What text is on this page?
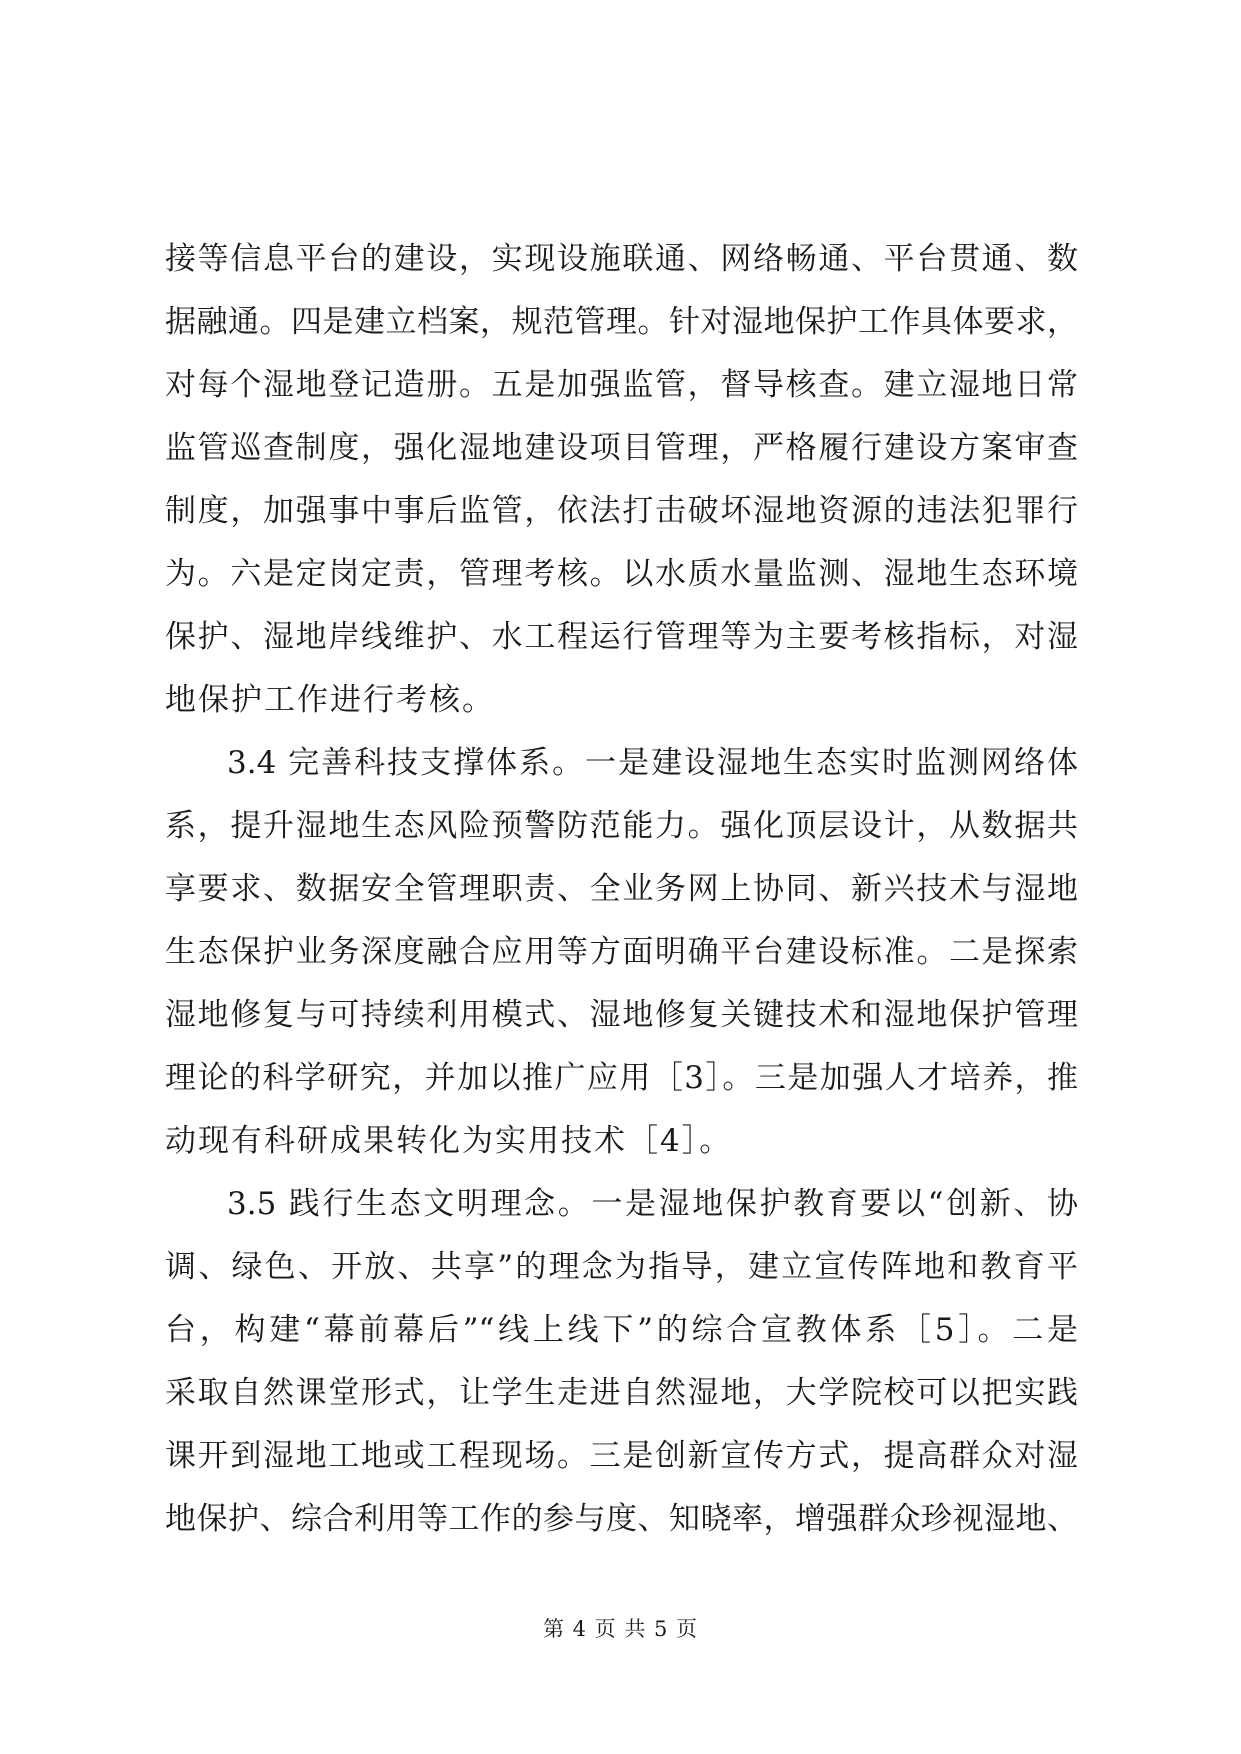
接等信息平台的建设，实现设施联通、网络畅通、平台贯通、数
据融通。四是建立档案，规范管理。针对湿地保护工作具体要求，
对每个湿地登记造册。五是加强监管，督导核查。建立湿地日常
监管巡查制度，强化湿地建设项目管理，严格履行建设方案审查
制度，加强事中事后监管，依法打击破坏湿地资源的违法犯罪行
为。六是定岗定责，管理考核。以水质水量监测、湿地生态环境
保护、湿地岸线维护、水工程运行管理等为主要考核指标，对湿
地保护工作进行考核。
3.4 完善科技支撑体系。一是建设湿地生态实时监测网络体
系，提升湿地生态风险预警防范能力。强化顶层设计，从数据共
享要求、数据安全管理职责、全业务网上协同、新兴技术与湿地
生态保护业务深度融合应用等方面明确平台建设标准。二是探索
湿地修复与可持续利用模式、湿地修复关键技术和湿地保护管理
理论的科学研究，并加以推广应用［3］。三是加强人才培养，推
动现有科研成果转化为实用技术［4］。
3.5 践行生态文明理念。一是湿地保护教育要以“创新、协
调、绿色、开放、共享”的理念为指导，建立宣传阵地和教育平
台，构建“幕前幕后”“线上线下”的综合宣教体系［5］。二是
采取自然课堂形式，让学生走进自然湿地，大学院校可以把实践
课开到湿地工地或工程现场。三是创新宣传方式，提高群众对湿
地保护、综合利用等工作的参与度、知晓率，增强群众珍视湿地、
第 4 页 共 5 页
